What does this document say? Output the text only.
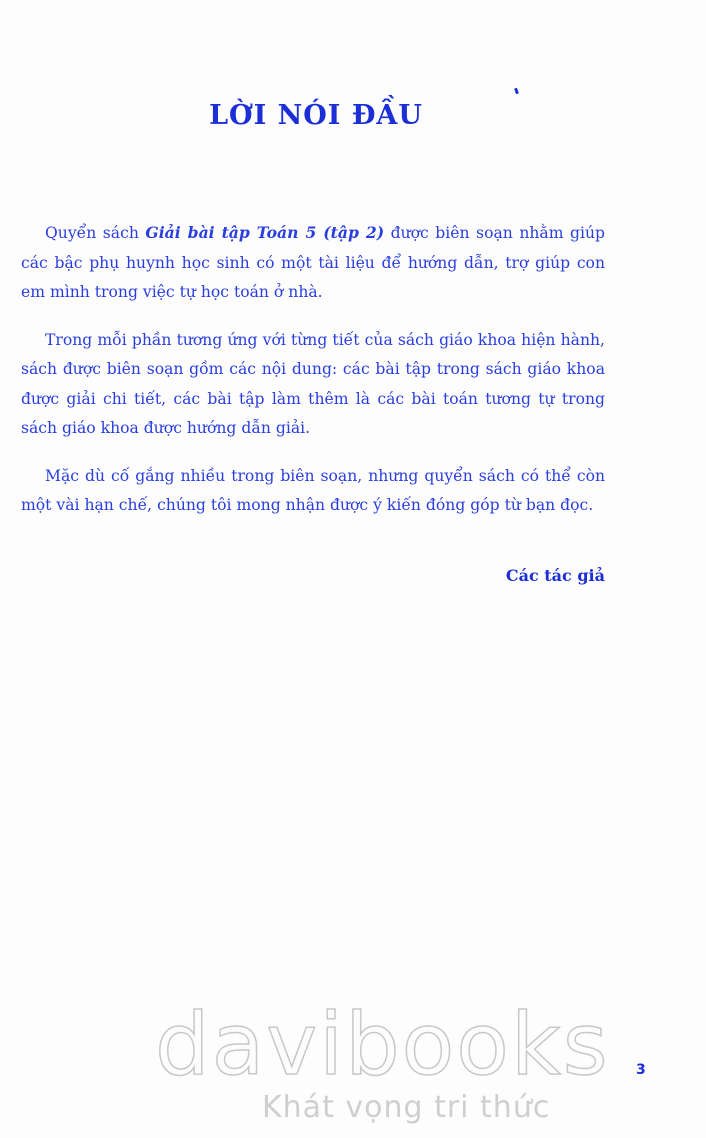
LỜI NÓI ĐẦU

Quyển sách Giải bài tập Toán 5 (tập 2) được biên soạn nhằm giúp các bậc phụ huynh học sinh có một tài liệu để hướng dẫn, trợ giúp con em mình trong việc tự học toán ở nhà.

Trong mỗi phần tương ứng với từng tiết của sách giáo khoa hiện hành, sách được biên soạn gồm các nội dung: các bài tập trong sách giáo khoa được giải chi tiết, các bài tập làm thêm là các bài toán tương tự trong sách giáo khoa được hướng dẫn giải.

Mặc dù cố gắng nhiều trong biên soạn, nhưng quyển sách có thể còn một vài hạn chế, chúng tôi mong nhận được ý kiến đóng góp từ bạn đọc.

Các tác giả
davibooks
Khát vọng tri thức
3
